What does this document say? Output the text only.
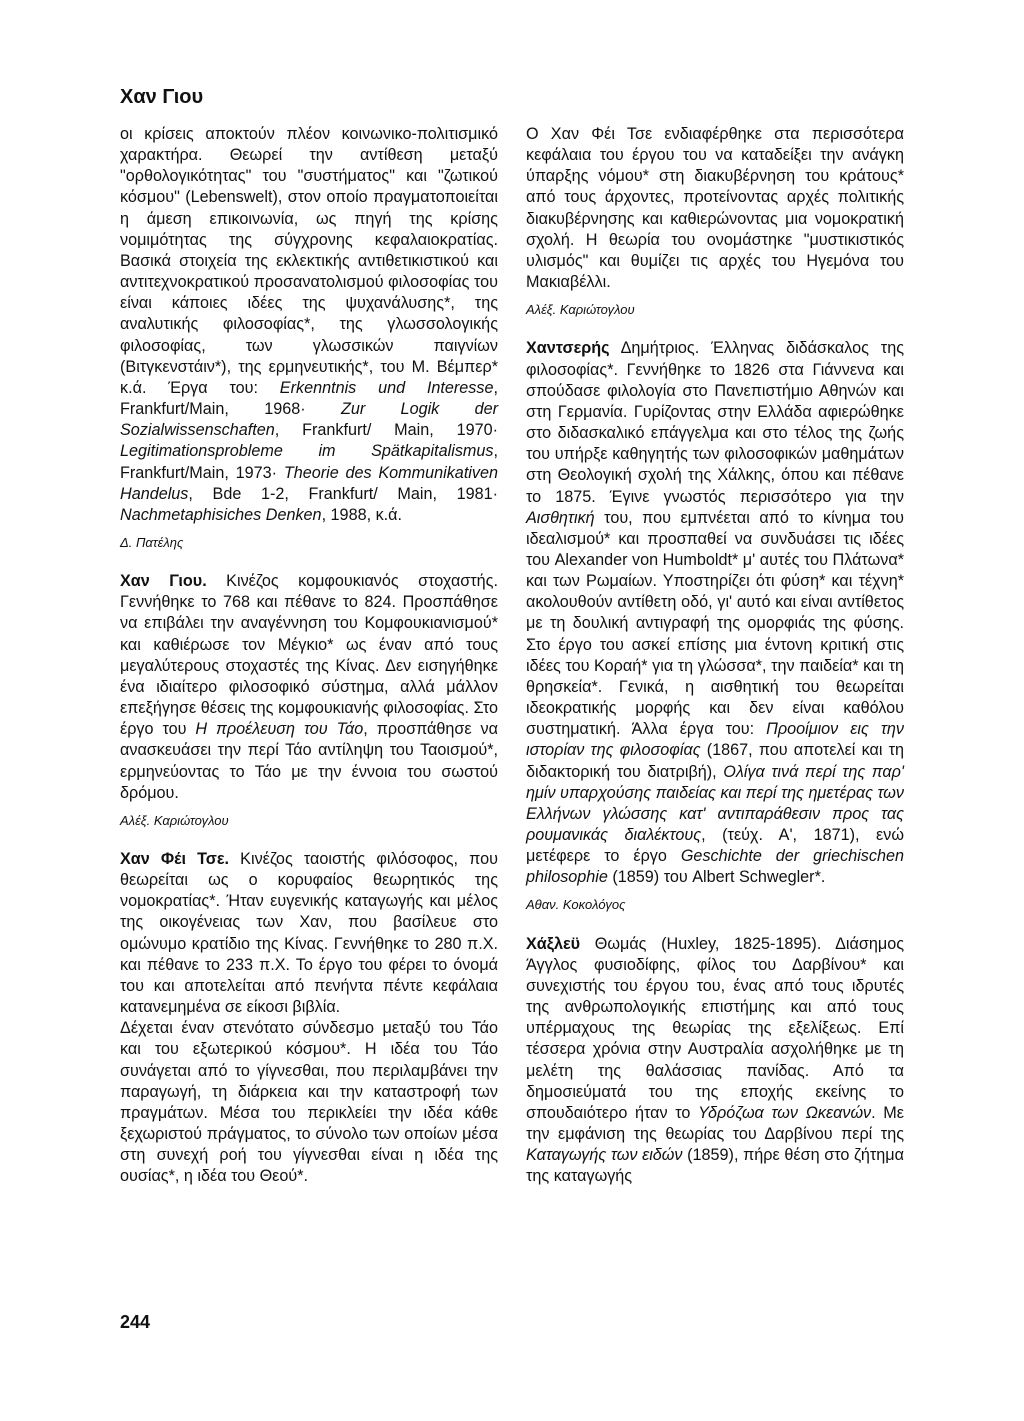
Χαν Γιου

οι κρίσεις αποκτούν πλέον κοινωνικο-πολιτισμικό χαρακτήρα. Θεωρεί την αντίθεση μεταξύ "ορθολογικότητας" του "συστήματος" και "ζωτικού κόσμου" (Lebenswelt), στον οποίο πραγματοποιείται η άμεση επικοινωνία, ως πηγή της κρίσης νομιμότητας της σύγχρονης κεφαλαιοκρατίας. Βασικά στοιχεία της εκλεκτικής αντιθετικιστικού και αντιτεχνοκρατικού προσανατολισμού φιλοσοφίας του είναι κάποιες ιδέες της ψυχανάλυσης*, της αναλυτικής φιλοσοφίας*, της γλωσσολογικής φιλοσοφίας, των γλωσσικών παιγνίων (Βιτγκενστάιν*), της ερμηνευτικής*, του Μ. Βέμπερ* κ.ά. Έργα του: Erkenntnis und Interesse, Frankfurt/Main, 1968· Zur Logik der Sozialwissenschaften, Frankfurt/ Main, 1970· Legitimationsprobleme im Spätkapitalismus, Frankfurt/Main, 1973· Theorie des Kommunikativen Handelus, Bde 1-2, Frankfurt/ Main, 1981· Nachmetaphisiches Denken, 1988, κ.ά.

Δ. Πατέλης

Χαν Γιου. Κινέζος κομφουκιανός στοχαστής. Γεννήθηκε το 768 και πέθανε το 824. Προσπάθησε να επιβάλει την αναγέννηση του Κομφουκιανισμού* και καθιέρωσε τον Μέγκιο* ως έναν από τους μεγαλύτερους στοχαστές της Κίνας. Δεν εισηγήθηκε ένα ιδιαίτερο φιλοσοφικό σύστημα, αλλά μάλλον επεξήγησε θέσεις της κομφουκιανής φιλοσοφίας. Στο έργο του Η προέλευση του Τάο, προσπάθησε να ανασκευάσει την περί Τάο αντίληψη του Ταοισμού*, ερμηνεύοντας το Τάο με την έννοια του σωστού δρόμου.

Αλέξ. Καριώτογλου

Χαν Φέι Τσε. Κινέζος ταοιστής φιλόσοφος, που θεωρείται ως ο κορυφαίος θεωρητικός της νομοκρατίας*. Ήταν ευγενικής καταγωγής και μέλος της οικογένειας των Χαν, που βασίλευε στο ομώνυμο κρατίδιο της Κίνας. Γεννήθηκε το 280 π.Χ. και πέθανε το 233 π.Χ. Το έργο του φέρει το όνομά του και αποτελείται από πενήντα πέντε κεφάλαια κατανεμημένα σε είκοσι βιβλία.

Δέχεται έναν στενότατο σύνδεσμο μεταξύ του Τάο και του εξωτερικού κόσμου*. Η ιδέα του Τάο συνάγεται από το γίγνεσθαι, που περιλαμβάνει την παραγωγή, τη διάρκεια και την καταστροφή των πραγμάτων. Μέσα του περικλείει την ιδέα κάθε ξεχωριστού πράγματος, το σύνολο των οποίων μέσα στη συνεχή ροή του γίγνεσθαι είναι η ιδέα της ουσίας*, η ιδέα του Θεού*.

Ο Χαν Φέι Τσε ενδιαφέρθηκε στα περισσότερα κεφάλαια του έργου του να καταδείξει την ανάγκη ύπαρξης νόμου* στη διακυβέρνηση του κράτους* από τους άρχοντες, προτείνοντας αρχές πολιτικής διακυβέρνησης και καθιερώνοντας μια νομοκρατική σχολή. Η θεωρία του ονομάστηκε "μυστικιστικός υλισμός" και θυμίζει τις αρχές του Ηγεμόνα του Μακιαβέλλι.

Αλέξ. Καριώτογλου

Χαντσερής Δημήτριος. Έλληνας διδάσκαλος της φιλοσοφίας*. Γεννήθηκε το 1826 στα Γιάννενα και σπούδασε φιλολογία στο Πανεπιστήμιο Αθηνών και στη Γερμανία. Γυρίζοντας στην Ελλάδα αφιερώθηκε στο διδασκαλικό επάγγελμα και στο τέλος της ζωής του υπήρξε καθηγητής των φιλοσοφικών μαθημάτων στη Θεολογική σχολή της Χάλκης, όπου και πέθανε το 1875. Έγινε γνωστός περισσότερο για την Αισθητική του, που εμπνέεται από το κίνημα του ιδεαλισμού* και προσπαθεί να συνδυάσει τις ιδέες του Alexander von Humboldt* μ' αυτές του Πλάτωνα* και των Ρωμαίων. Υποστηρίζει ότι φύση* και τέχνη* ακολουθούν αντίθετη οδό, γι' αυτό και είναι αντίθετος με τη δουλική αντιγραφή της ομορφιάς της φύσης. Στο έργο του ασκεί επίσης μια έντονη κριτική στις ιδέες του Κοραή* για τη γλώσσα*, την παιδεία* και τη θρησκεία*. Γενικά, η αισθητική του θεωρείται ιδεοκρατικής μορφής και δεν είναι καθόλου συστηματική. Άλλα έργα του: Προοίμιον εις την ιστορίαν της φιλοσοφίας (1867, που αποτελεί και τη διδακτορική του διατριβή), Ολίγα τινά περί της παρ' ημίν υπαρχούσης παιδείας και περί της ημετέρας των Ελλήνων γλώσσης κατ' αντιπαράθεσιν προς τας ρουμανικάς διαλέκτους, (τεύχ. Α', 1871), ενώ μετέφερε το έργο Geschichte der griechischen philosophie (1859) του Albert Schwegler*.

Αθαν. Κοκολόγος

Χάξλεϋ Θωμάς (Huxley, 1825-1895). Διάσημος Άγγλος φυσιοδίφης, φίλος του Δαρβίνου* και συνεχιστής του έργου του, ένας από τους ιδρυτές της ανθρωπολογικής επιστήμης και από τους υπέρμαχους της θεωρίας της εξελίξεως. Επί τέσσερα χρόνια στην Αυστραλία ασχολήθηκε με τη μελέτη της θαλάσσιας πανίδας. Από τα δημοσιεύματά του της εποχής εκείνης το σπουδαιότερο ήταν το Υδρόζωα των Ωκεανών. Με την εμφάνιση της θεωρίας του Δαρβίνου περί της Καταγωγής των ειδών (1859), πήρε θέση στο ζήτημα της καταγωγής

244
